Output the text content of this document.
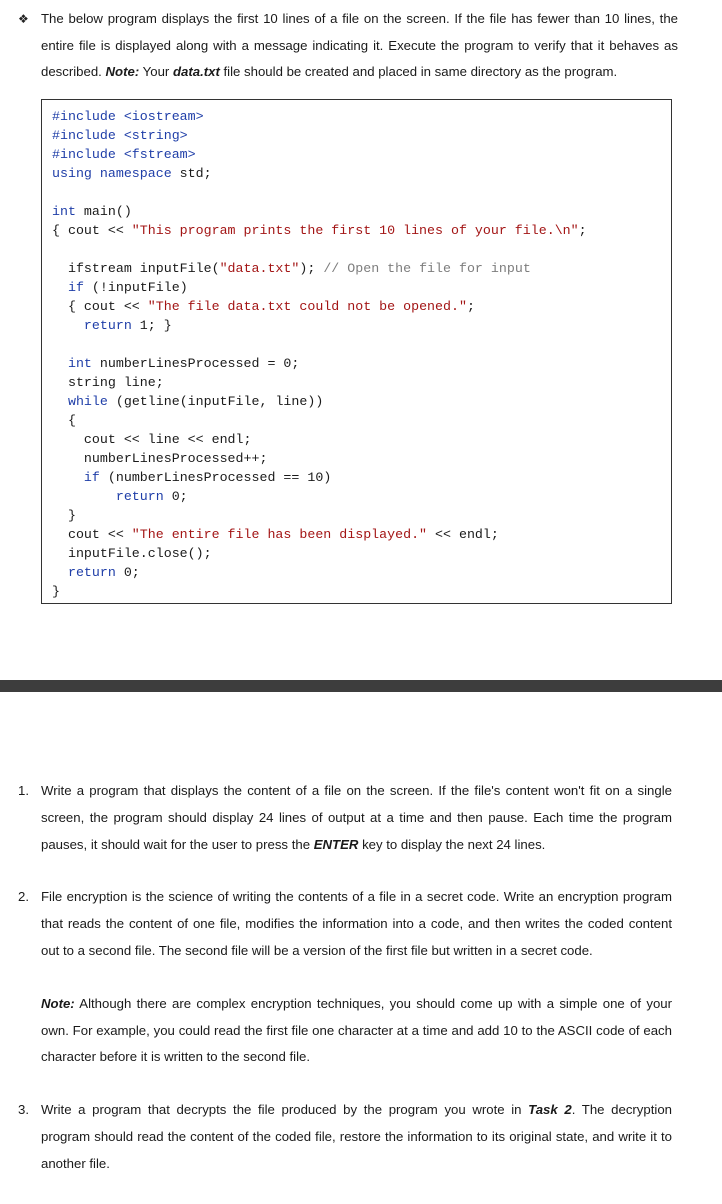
❖ The below program displays the first 10 lines of a file on the screen. If the file has fewer than 10 lines, the entire file is displayed along with a message indicating it. Execute the program to verify that it behaves as described. Note: Your data.txt file should be created and placed in same directory as the program.
#include <iostream>
#include <string>
#include <fstream>
using namespace std;
int main()
{ cout << "This program prints the first 10 lines of your file.\n";
ifstream inputFile("data.txt"); // Open the file for input
if (!inputFile)
{ cout << "The file data.txt could not be opened.";
return 1; }
int numberLinesProcessed = 0;
string line;
while (getline(inputFile, line))
{
cout << line << endl;
numberLinesProcessed++;
if (numberLinesProcessed == 10)
return 0;
}
cout << "The entire file has been displayed." << endl;
inputFile.close();
return 0;
}
1. Write a program that displays the content of a file on the screen. If the file's content won't fit on a single screen, the program should display 24 lines of output at a time and then pause. Each time the program pauses, it should wait for the user to press the ENTER key to display the next 24 lines.

2. File encryption is the science of writing the contents of a file in a secret code. Write an encryption program that reads the content of one file, modifies the information into a code, and then writes the coded content out to a second file. The second file will be a version of the first file but written in a secret code.

Note: Although there are complex encryption techniques, you should come up with a simple one of your own. For example, you could read the first file one character at a time and add 10 to the ASCII code of each character before it is written to the second file.

3. Write a program that decrypts the file produced by the program you wrote in Task 2. The decryption program should read the content of the coded file, restore the information to its original state, and write it to another file.
